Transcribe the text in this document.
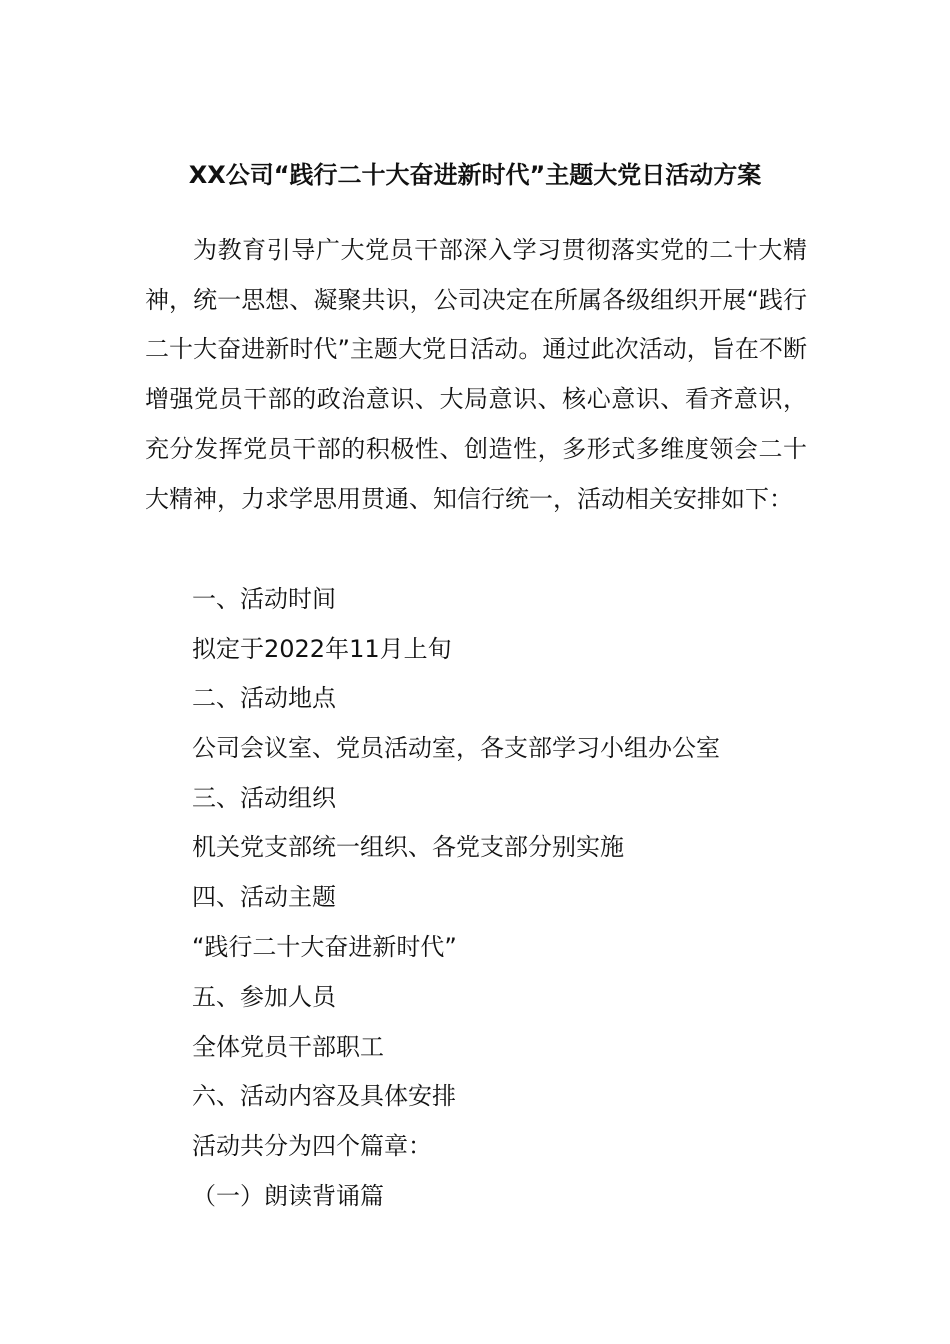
XX公司“践行二十大奋进新时代”主题大党日活动方案

为教育引导广大党员干部深入学习贯彻落实党的二十大精神，统一思想、凝聚共识，公司决定在所属各级组织开展“践行二十大奋进新时代”主题大党日活动。通过此次活动，旨在不断增强党员干部的政治意识、大局意识、核心意识、看齐意识，充分发挥党员干部的积极性、创造性，多形式多维度领会二十大精神，力求学思用贯通、知信行统一，活动相关安排如下：

一、活动时间

拟定于2022年11月上旬

二、活动地点

公司会议室、党员活动室，各支部学习小组办公室

三、活动组织

机关党支部统一组织、各党支部分别实施

四、活动主题

“践行二十大奋进新时代”

五、参加人员

全体党员干部职工

六、活动内容及具体安排

活动共分为四个篇章：

（一）朗读背诵篇
